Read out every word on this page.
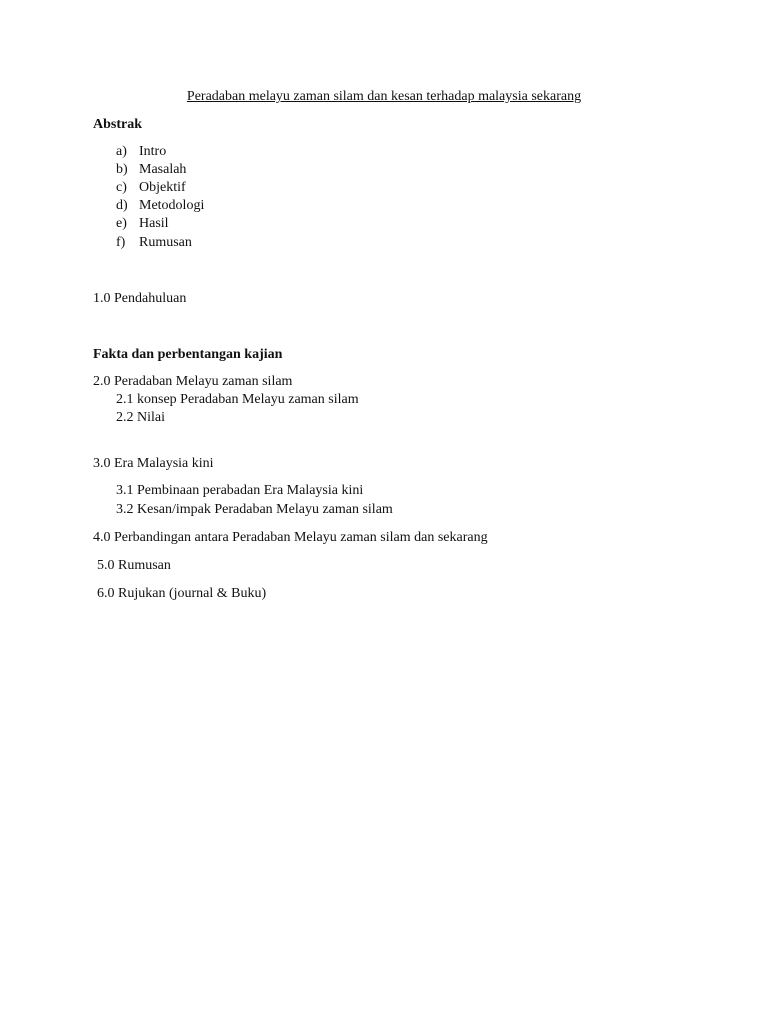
Peradaban melayu zaman silam dan kesan terhadap malaysia sekarang
Abstrak
a) Intro
b) Masalah
c) Objektif
d) Metodologi
e) Hasil
f) Rumusan
1.0 Pendahuluan
Fakta dan perbentangan kajian
2.0 Peradaban Melayu zaman silam
2.1 konsep Peradaban Melayu zaman silam
2.2 Nilai
3.0 Era Malaysia kini
3.1 Pembinaan perabadan Era Malaysia kini
3.2 Kesan/impak Peradaban Melayu zaman silam
4.0 Perbandingan antara Peradaban Melayu zaman silam dan sekarang
5.0 Rumusan
6.0 Rujukan (journal & Buku)
